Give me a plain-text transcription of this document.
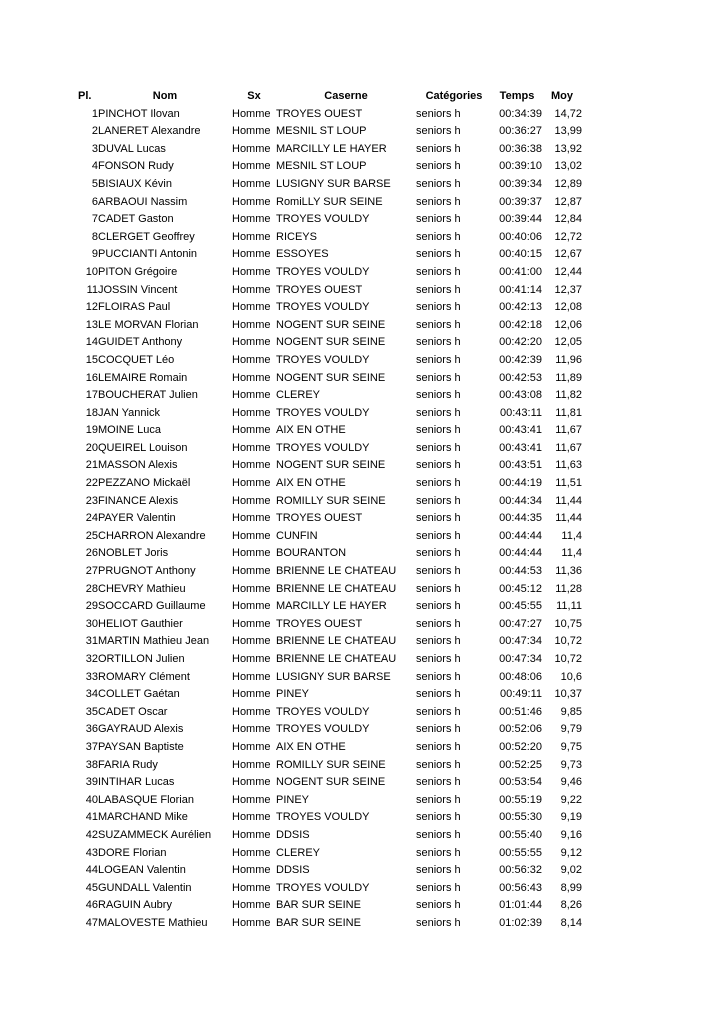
Pl.	Nom	Sx	Caserne	Catégories	Temps	Moy
1	PINCHOT Ilovan	Homme	TROYES OUEST	seniors h	00:34:39	14,72
2	LANERET Alexandre	Homme	MESNIL ST LOUP	seniors h	00:36:27	13,99
3	DUVAL Lucas	Homme	MARCILLY LE HAYER	seniors h	00:36:38	13,92
4	FONSON Rudy	Homme	MESNIL ST LOUP	seniors h	00:39:10	13,02
5	BISIAUX Kévin	Homme	LUSIGNY SUR BARSE	seniors h	00:39:34	12,89
6	ARBAOUI Nassim	Homme	RomiLLY SUR SEINE	seniors h	00:39:37	12,87
7	CADET Gaston	Homme	TROYES VOULDY	seniors h	00:39:44	12,84
8	CLERGET Geoffrey	Homme	RICEYS	seniors h	00:40:06	12,72
9	PUCCIANTI Antonin	Homme	ESSOYES	seniors h	00:40:15	12,67
10	PITON Grégoire	Homme	TROYES VOULDY	seniors h	00:41:00	12,44
11	JOSSIN Vincent	Homme	TROYES OUEST	seniors h	00:41:14	12,37
12	FLOIRAS Paul	Homme	TROYES VOULDY	seniors h	00:42:13	12,08
13	LE MORVAN Florian	Homme	NOGENT SUR SEINE	seniors h	00:42:18	12,06
14	GUIDET Anthony	Homme	NOGENT SUR SEINE	seniors h	00:42:20	12,05
15	COCQUET Léo	Homme	TROYES VOULDY	seniors h	00:42:39	11,96
16	LEMAIRE Romain	Homme	NOGENT SUR SEINE	seniors h	00:42:53	11,89
17	BOUCHERAT Julien	Homme	CLEREY	seniors h	00:43:08	11,82
18	JAN Yannick	Homme	TROYES VOULDY	seniors h	00:43:11	11,81
19	MOINE Luca	Homme	AIX EN OTHE	seniors h	00:43:41	11,67
20	QUEIREL Louison	Homme	TROYES VOULDY	seniors h	00:43:41	11,67
21	MASSON Alexis	Homme	NOGENT SUR SEINE	seniors h	00:43:51	11,63
22	PEZZANO Mickaël	Homme	AIX EN OTHE	seniors h	00:44:19	11,51
23	FINANCE Alexis	Homme	ROMILLY SUR SEINE	seniors h	00:44:34	11,44
24	PAYER Valentin	Homme	TROYES OUEST	seniors h	00:44:35	11,44
25	CHARRON Alexandre	Homme	CUNFIN	seniors h	00:44:44	11,4
26	NOBLET Joris	Homme	BOURANTON	seniors h	00:44:44	11,4
27	PRUGNOT Anthony	Homme	BRIENNE LE CHATEAU	seniors h	00:44:53	11,36
28	CHEVRY Mathieu	Homme	BRIENNE LE CHATEAU	seniors h	00:45:12	11,28
29	SOCCARD Guillaume	Homme	MARCILLY LE HAYER	seniors h	00:45:55	11,11
30	HELIOT Gauthier	Homme	TROYES OUEST	seniors h	00:47:27	10,75
31	MARTIN Mathieu Jean	Homme	BRIENNE LE CHATEAU	seniors h	00:47:34	10,72
32	ORTILLON Julien	Homme	BRIENNE LE CHATEAU	seniors h	00:47:34	10,72
33	ROMARY Clément	Homme	LUSIGNY SUR BARSE	seniors h	00:48:06	10,6
34	COLLET Gaétan	Homme	PINEY	seniors h	00:49:11	10,37
35	CADET Oscar	Homme	TROYES VOULDY	seniors h	00:51:46	9,85
36	GAYRAUD Alexis	Homme	TROYES VOULDY	seniors h	00:52:06	9,79
37	PAYSAN Baptiste	Homme	AIX EN OTHE	seniors h	00:52:20	9,75
38	FARIA Rudy	Homme	ROMILLY SUR SEINE	seniors h	00:52:25	9,73
39	INTIHAR Lucas	Homme	NOGENT SUR SEINE	seniors h	00:53:54	9,46
40	LABASQUE Florian	Homme	PINEY	seniors h	00:55:19	9,22
41	MARCHAND Mike	Homme	TROYES VOULDY	seniors h	00:55:30	9,19
42	SUZAMMECK Aurélien	Homme	DDSIS	seniors h	00:55:40	9,16
43	DORE Florian	Homme	CLEREY	seniors h	00:55:55	9,12
44	LOGEAN Valentin	Homme	DDSIS	seniors h	00:56:32	9,02
45	GUNDALL Valentin	Homme	TROYES VOULDY	seniors h	00:56:43	8,99
46	RAGUIN Aubry	Homme	BAR SUR SEINE	seniors h	01:01:44	8,26
47	MALOVESTE Mathieu	Homme	BAR SUR SEINE	seniors h	01:02:39	8,14
